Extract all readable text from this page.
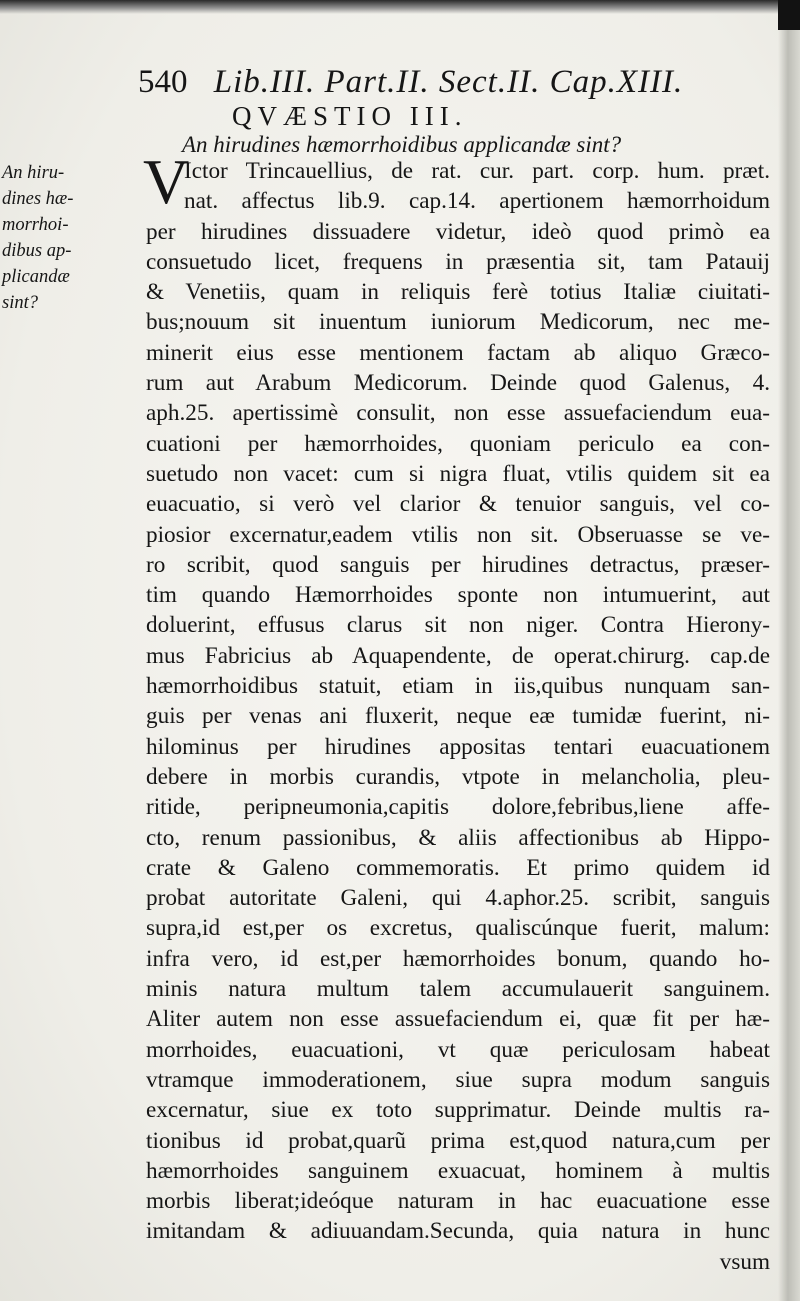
540 Lib.III. Part.II. Sect.II. Cap.XIII.
QVÆSTIO III.
An hirudines hæmorrhoidibus applicandæ sint?
An hiru-
dines hæ-
morrhoi-
dibus ap-
plicandæ
sint?
V
Ictor Trincauellius, de rat. cur. part. corp. hum. præt.
nat. affectus lib.9. cap.14. apertionem hæmorrhoidum
per hirudines dissuadere videtur, ideò quod primò ea
consuetudo licet, frequens in præsentia sit, tam Patauij
& Venetiis, quam in reliquis ferè totius Italiæ ciuitati-
bus;nouum sit inuentum iuniorum Medicorum, nec me-
minerit eius esse mentionem factam ab aliquo Græco-
rum aut Arabum Medicorum. Deinde quod Galenus, 4.
aph.25. apertissimè consulit, non esse assuefaciendum eua-
cuationi per hæmorrhoides, quoniam periculo ea con-
suetudo non vacet: cum si nigra fluat, vtilis quidem sit ea
euacuatio, si verò vel clarior & tenuior sanguis, vel co-
piosior excernatur,eadem vtilis non sit. Obseruasse se ve-
ro scribit, quod sanguis per hirudines detractus, præser-
tim quando Hæmorrhoides sponte non intumuerint, aut
doluerint, effusus clarus sit non niger. Contra Hierony-
mus Fabricius ab Aquapendente, de operat.chirurg. cap.de
hæmorrhoidibus statuit, etiam in iis,quibus nunquam san-
guis per venas ani fluxerit, neque eæ tumidæ fuerint, ni-
hilominus per hirudines appositas tentari euacuationem
debere in morbis curandis, vtpote in melancholia, pleu-
ritide, peripneumonia,capitis dolore,febribus,liene affe-
cto, renum passionibus, & aliis affectionibus ab Hippo-
crate & Galeno commemoratis. Et primo quidem id
probat autoritate Galeni, qui 4.aphor.25. scribit, sanguis
supra,id est,per os excretus, qualiscúnque fuerit, malum:
infra vero, id est,per hæmorrhoides bonum, quando ho-
minis natura multum talem accumulauerit sanguinem.
Aliter autem non esse assuefaciendum ei, quæ fit per hæ-
morrhoides, euacuationi, vt quæ periculosam habeat
vtramque immoderationem, siue supra modum sanguis
excernatur, siue ex toto supprimatur. Deinde multis ra-
tionibus id probat,quarũ prima est,quod natura,cum per
hæmorrhoides sanguinem exuacuat, hominem à multis
morbis liberat;ideóque naturam in hac euacuatione esse
imitandam & adiuuandam.Secunda, quia natura in hunc
vsum
